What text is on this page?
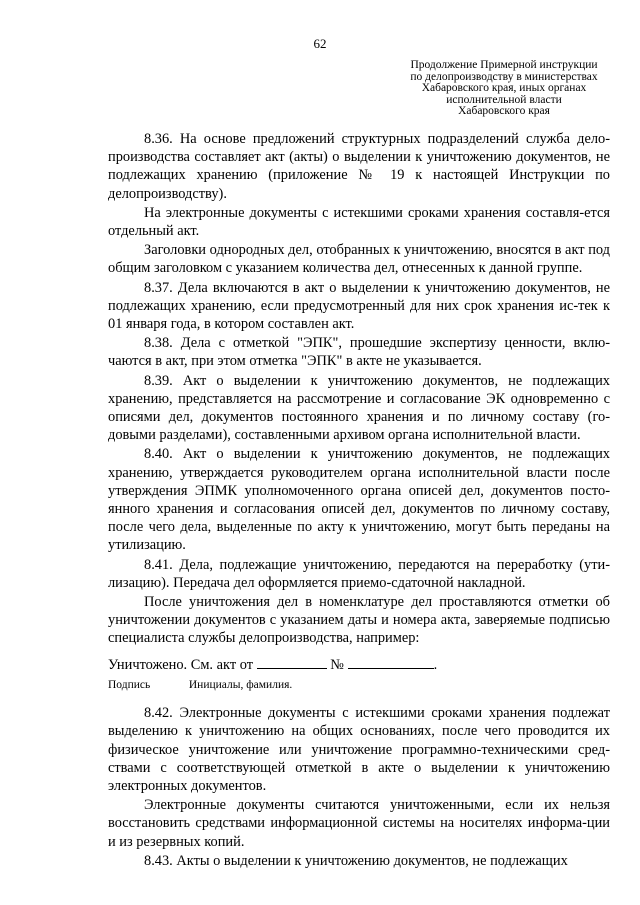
62
Продолжение Примерной инструкции
по делопроизводству в министерствах
Хабаровского края, иных органах
исполнительной власти
Хабаровского края

8.36. На основе предложений структурных подразделений служба дело-производства составляет акт (акты) о выделении к уничтожению документов, не подлежащих хранению (приложение № 19 к настоящей Инструкции по делопроизводству).

На электронные документы с истекшими сроками хранения составля-ется отдельный акт.

Заголовки однородных дел, отобранных к уничтожению, вносятся в акт под общим заголовком с указанием количества дел, отнесенных к данной группе.

8.37. Дела включаются в акт о выделении к уничтожению документов, не подлежащих хранению, если предусмотренный для них срок хранения ис-тек к 01 января года, в котором составлен акт.

8.38. Дела с отметкой "ЭПК", прошедшие экспертизу ценности, вклю-чаются в акт, при этом отметка "ЭПК" в акте не указывается.

8.39. Акт о выделении к уничтожению документов, не подлежащих хранению, представляется на рассмотрение и согласование ЭК одновременно с описями дел, документов постоянного хранения и по личному составу (го-довыми разделами), составленными архивом органа исполнительной власти.

8.40. Акт о выделении к уничтожению документов, не подлежащих хранению, утверждается руководителем органа исполнительной власти после утверждения ЭПМК уполномоченного органа описей дел, документов посто-янного хранения и согласования описей дел, документов по личному составу, после чего дела, выделенные по акту к уничтожению, могут быть переданы на утилизацию.

8.41. Дела, подлежащие уничтожению, передаются на переработку (ути-лизацию). Передача дел оформляется приемо-сдаточной накладной.

После уничтожения дел в номенклатуре дел проставляются отметки об уничтожении документов с указанием даты и номера акта, заверяемые подписью специалиста службы делопроизводства, например:

Уничтожено. См. акт от	№	.
Подпись	Инициалы, фамилия.

8.42. Электронные документы с истекшими сроками хранения подлежат выделению к уничтожению на общих основаниях, после чего проводится их физическое уничтожение или уничтожение программно-техническими сред-ствами с соответствующей отметкой в акте о выделении к уничтожению электронных документов.

Электронные документы считаются уничтоженными, если их нельзя восстановить средствами информационной системы на носителях информа-ции и из резервных копий.

8.43. Акты о выделении к уничтожению документов, не подлежащих
